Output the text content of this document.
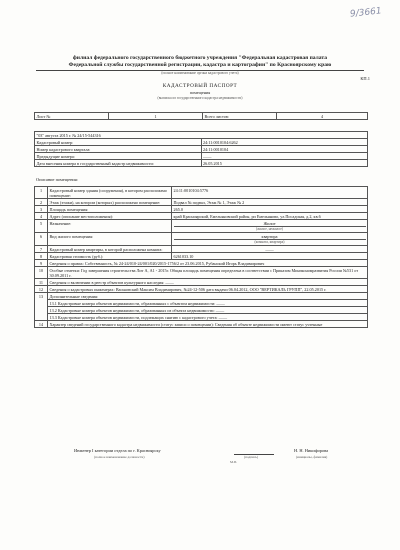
9/3661
филиал федерального государственного бюджетного учреждения "Федеральная кадастровая палата
Федеральной службы государственной регистрации, кадастра и картографии" по Красноярскому краю
(полное наименование органа кадастрового учета)
КП.1
КАДАСТРОВЫЙ ПАСПОРТ
помещения
(выписка из государственного кадастра недвижимости)
Лист №	1	Всего листов:	4
"03" августа 2015 г. № 24/15-544316	
Кадастровый номер:	24:11:0010104:6262
Номер кадастрового квартала:	24:11:0010104
Предыдущие номера:	——
Дата внесения номера в государственный кадастр недвижимости:	26.05.2015
Описание помещения:
1	Кадастровый номер здания (сооружения), в котором расположено помещение:	24:11:0010104:5776
2	Этаж (этажи), на котором (которых) расположено помещение:	Подвал № подвал, Этаж № 1, Этаж № 2
3	Площадь помещения:	265.0
4	Адрес (описание местоположения):	край Красноярский, Емельяновский район, рп Емельяново, ул.Посадская, д.2, кв.6
5	Назначение:	Жилое
(жилое, нежилое)

6	Вид жилого помещения:	квартира
(комната, квартира)

7	Кадастровый номер квартиры, в которой расположена комната:	——
8	Кадастровая стоимость (руб.):	6261033.10
9	Сведения о правах: Собственность, № 24-24/010-24/001/020/2015-1756/2 от 23.06.2015, Рубанский Игорь Владимирович	
10	Особые отметки: Год завершения строительства Лит А, А1 - 2015г. Общая площадь помещения определена в соответствии с Приказом Минэкономразвития России №531 от 30.09.2011 г.	
11	Сведения о включении в реестр объектов культурного наследия: ——	
12	Сведения о кадастровых инженерах: Васьковский Максим Владимирович, №24-12-506 дата выдачи 06.04.2012, ООО "ВЕРТИКАЛЬ ГРУПП", 22.05.2015 г.	
13	Дополнительные сведения:	
	13.1 Кадастровые номера объектов недвижимости, образованных с объектом недвижимости: ——	
	13.2 Кадастровые номера объектов недвижимости, образованных из объекта недвижимости: ——	
	13.3 Кадастровые номера объектов недвижимости, подлежащих снятию с кадастрового учета: ——	
14	Характер сведений государственного кадастра недвижимости (статус записи о помещении): Сведения об объекте недвижимости имеют статус учтенные	
Инженер I категории отдела по г. Красноярску
(полное наименование должности)	(подпись)
Н. Н. Никифорова
(инициалы, фамилия)
М.П.
